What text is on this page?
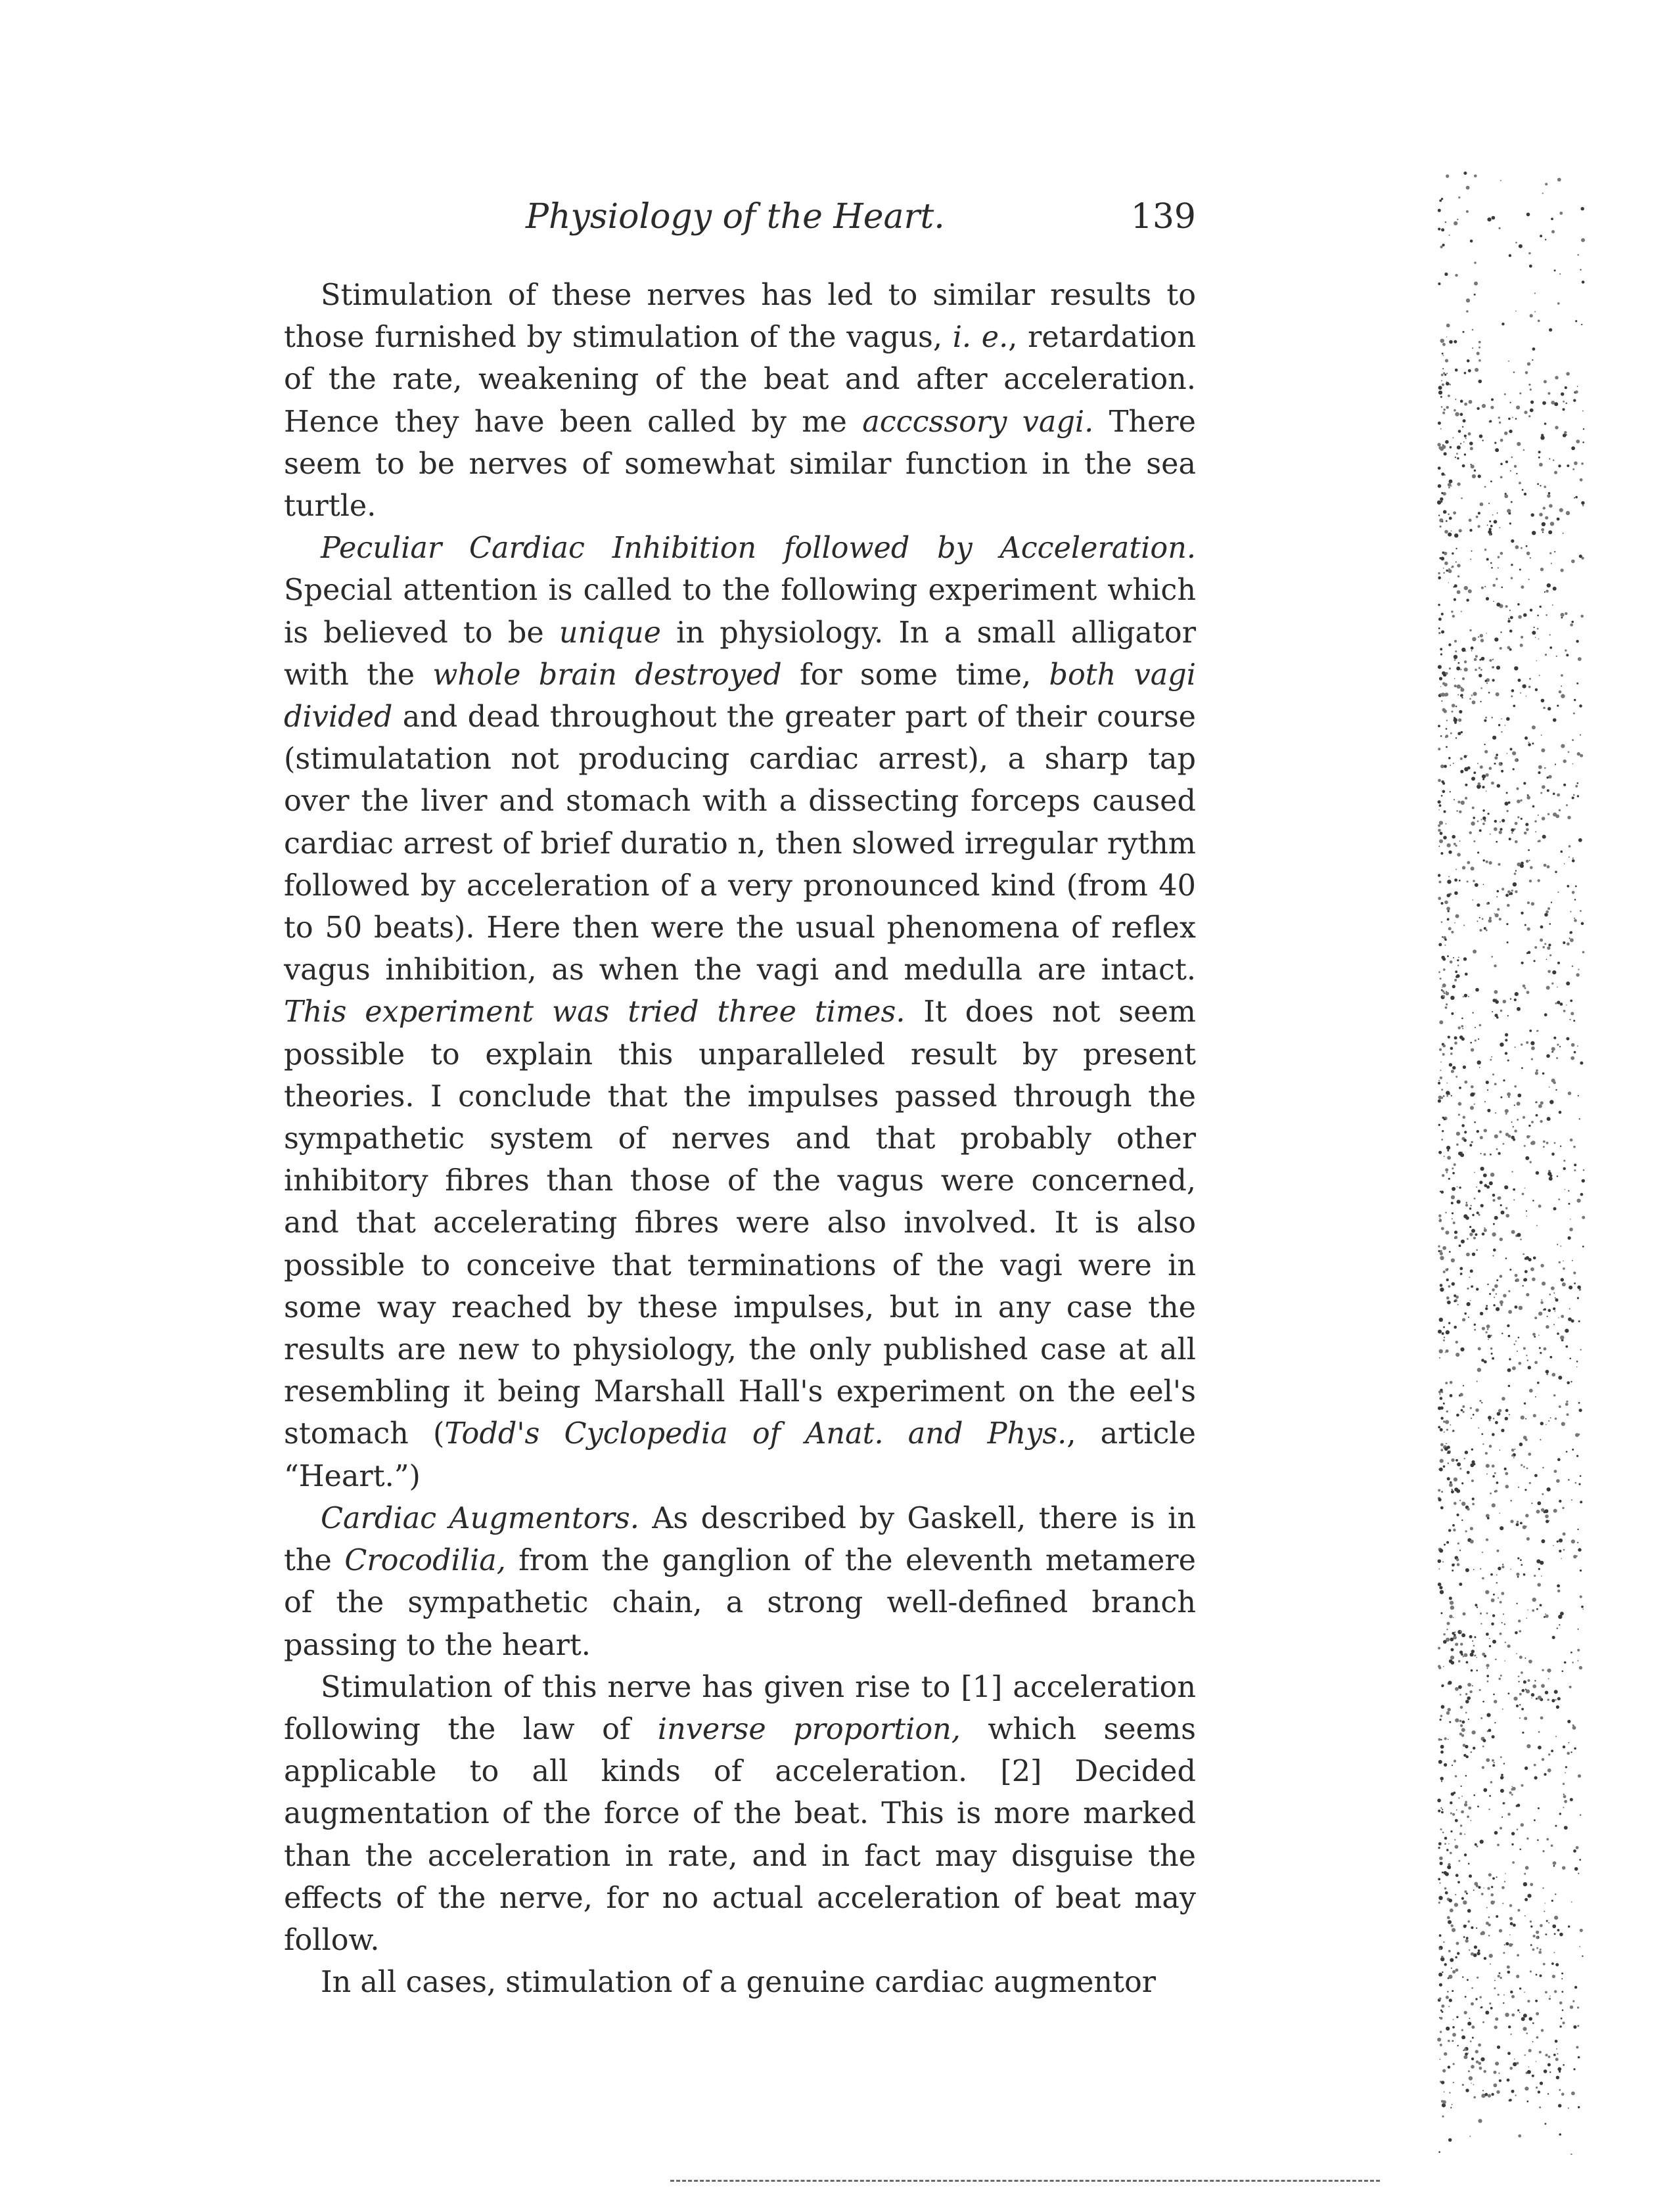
Physiology of the Heart.	139

Stimulation of these nerves has led to similar results to those furnished by stimulation of the vagus, i. e., retardation of the rate, weakening of the beat and after acceleration. Hence they have been called by me acccssory vagi. There seem to be nerves of somewhat similar function in the sea turtle.

Peculiar Cardiac Inhibition followed by Acceleration. Special attention is called to the following experiment which is believed to be unique in physiology. In a small alligator with the whole brain destroyed for some time, both vagi divided and dead throughout the greater part of their course (stimulatation not producing cardiac arrest), a sharp tap over the liver and stomach with a dissecting forceps caused cardiac arrest of brief duratio n, then slowed irregular rythm followed by acceleration of a very pronounced kind (from 40 to 50 beats). Here then were the usual phenomena of reflex vagus inhibition, as when the vagi and medulla are intact. This experiment was tried three times. It does not seem possible to explain this unparalleled result by present theories. I conclude that the impulses passed through the sympathetic system of nerves and that probably other inhibitory fibres than those of the vagus were concerned, and that accelerating fibres were also involved. It is also possible to conceive that terminations of the vagi were in some way reached by these impulses, but in any case the results are new to physiology, the only published case at all resembling it being Marshall Hall's experiment on the eel's stomach (Todd's Cyclopedia of Anat. and Phys., article “Heart.”)

Cardiac Augmentors. As described by Gaskell, there is in the Crocodilia, from the ganglion of the eleventh metamere of the sympathetic chain, a strong well-defined branch passing to the heart.

Stimulation of this nerve has given rise to [1] acceleration following the law of inverse proportion, which seems applicable to all kinds of acceleration. [2] Decided augmentation of the force of the beat. This is more marked than the acceleration in rate, and in fact may disguise the effects of the nerve, for no actual acceleration of beat may follow.

In all cases, stimulation of a genuine cardiac augmentor
